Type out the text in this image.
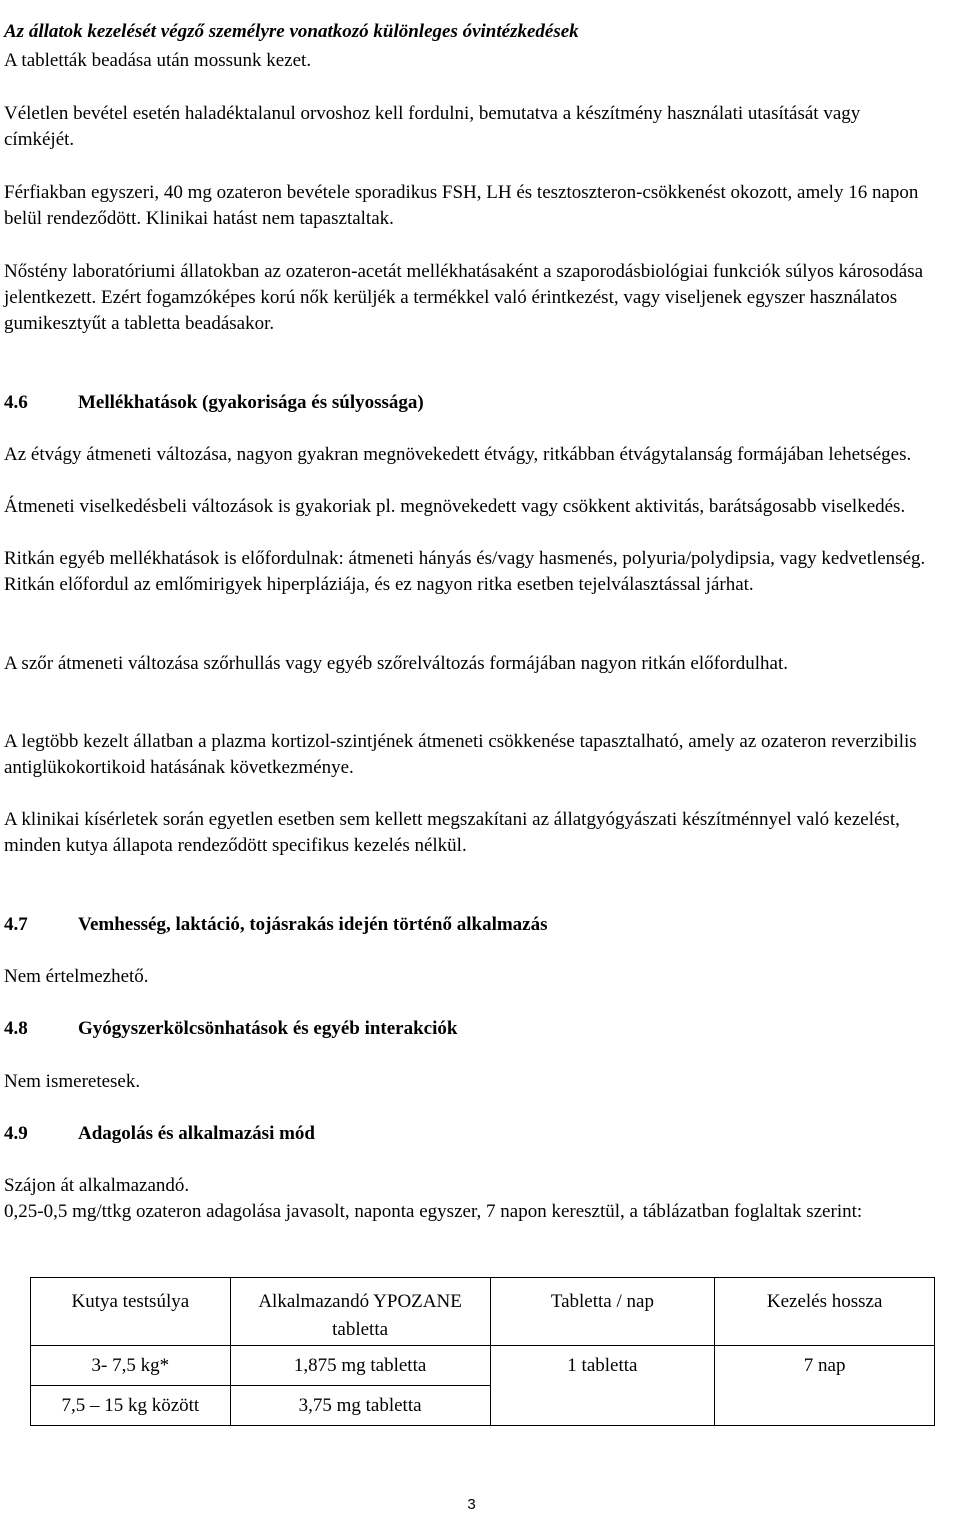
Az állatok kezelését végző személyre vonatkozó különleges óvintézkedések

A tabletták beadása után mossunk kezet.

Véletlen bevétel esetén haladéktalanul orvoshoz kell fordulni, bemutatva a készítmény használati utasítását vagy címkéjét.

Férfiakban egyszeri, 40 mg ozateron bevétele sporadikus FSH, LH és tesztoszteron-csökkenést okozott, amely 16 napon belül rendeződött. Klinikai hatást nem tapasztaltak.

Nőstény laboratóriumi állatokban az ozateron-acetát mellékhatásaként a szaporodásbiológiai funkciók súlyos károsodása jelentkezett. Ezért fogamzóképes korú nők kerüljék a termékkel való érintkezést, vagy viseljenek egyszer használatos gumikesztyűt a tabletta beadásakor.

4.6	Mellékhatások (gyakorisága és súlyossága)

Az étvágy átmeneti változása, nagyon gyakran megnövekedett étvágy, ritkábban étvágytalanság formájában lehetséges.

Átmeneti viselkedésbeli változások is gyakoriak pl. megnövekedett vagy csökkent aktivitás, barátságosabb viselkedés.

Ritkán egyéb mellékhatások is előfordulnak: átmeneti hányás és/vagy hasmenés, polyuria/polydipsia, vagy kedvetlenség. Ritkán előfordul az emlőmirigyek hiperpláziája, és ez nagyon ritka esetben tejelválasztással járhat.

A szőr átmeneti változása szőrhullás vagy egyéb szőrelváltozás formájában nagyon ritkán előfordulhat.

A legtöbb kezelt állatban a plazma kortizol-szintjének átmeneti csökkenése tapasztalható, amely az ozateron reverzibilis antiglükokortikoid hatásának következménye.

A klinikai kísérletek során egyetlen esetben sem kellett megszakítani az állatgyógyászati készítménnyel való kezelést, minden kutya állapota rendeződött specifikus kezelés nélkül.

4.7	Vemhesség, laktáció, tojásrakás idején történő alkalmazás

Nem értelmezhető.

4.8	Gyógyszerkölcsönhatások és egyéb interakciók

Nem ismeretesek.

4.9	Adagolás és alkalmazási mód

Szájon át alkalmazandó.

0,25-0,5 mg/ttkg ozateron adagolása javasolt, naponta egyszer, 7 napon keresztül, a táblázatban foglaltak szerint:

Kutya testsúlya	Alkalmazandó YPOZANE tabletta	Tabletta / nap	Kezelés hossza
3- 7,5 kg*	1,875 mg tabletta	1 tabletta	7 nap
7,5 – 15 kg között	3,75 mg tabletta		
3
